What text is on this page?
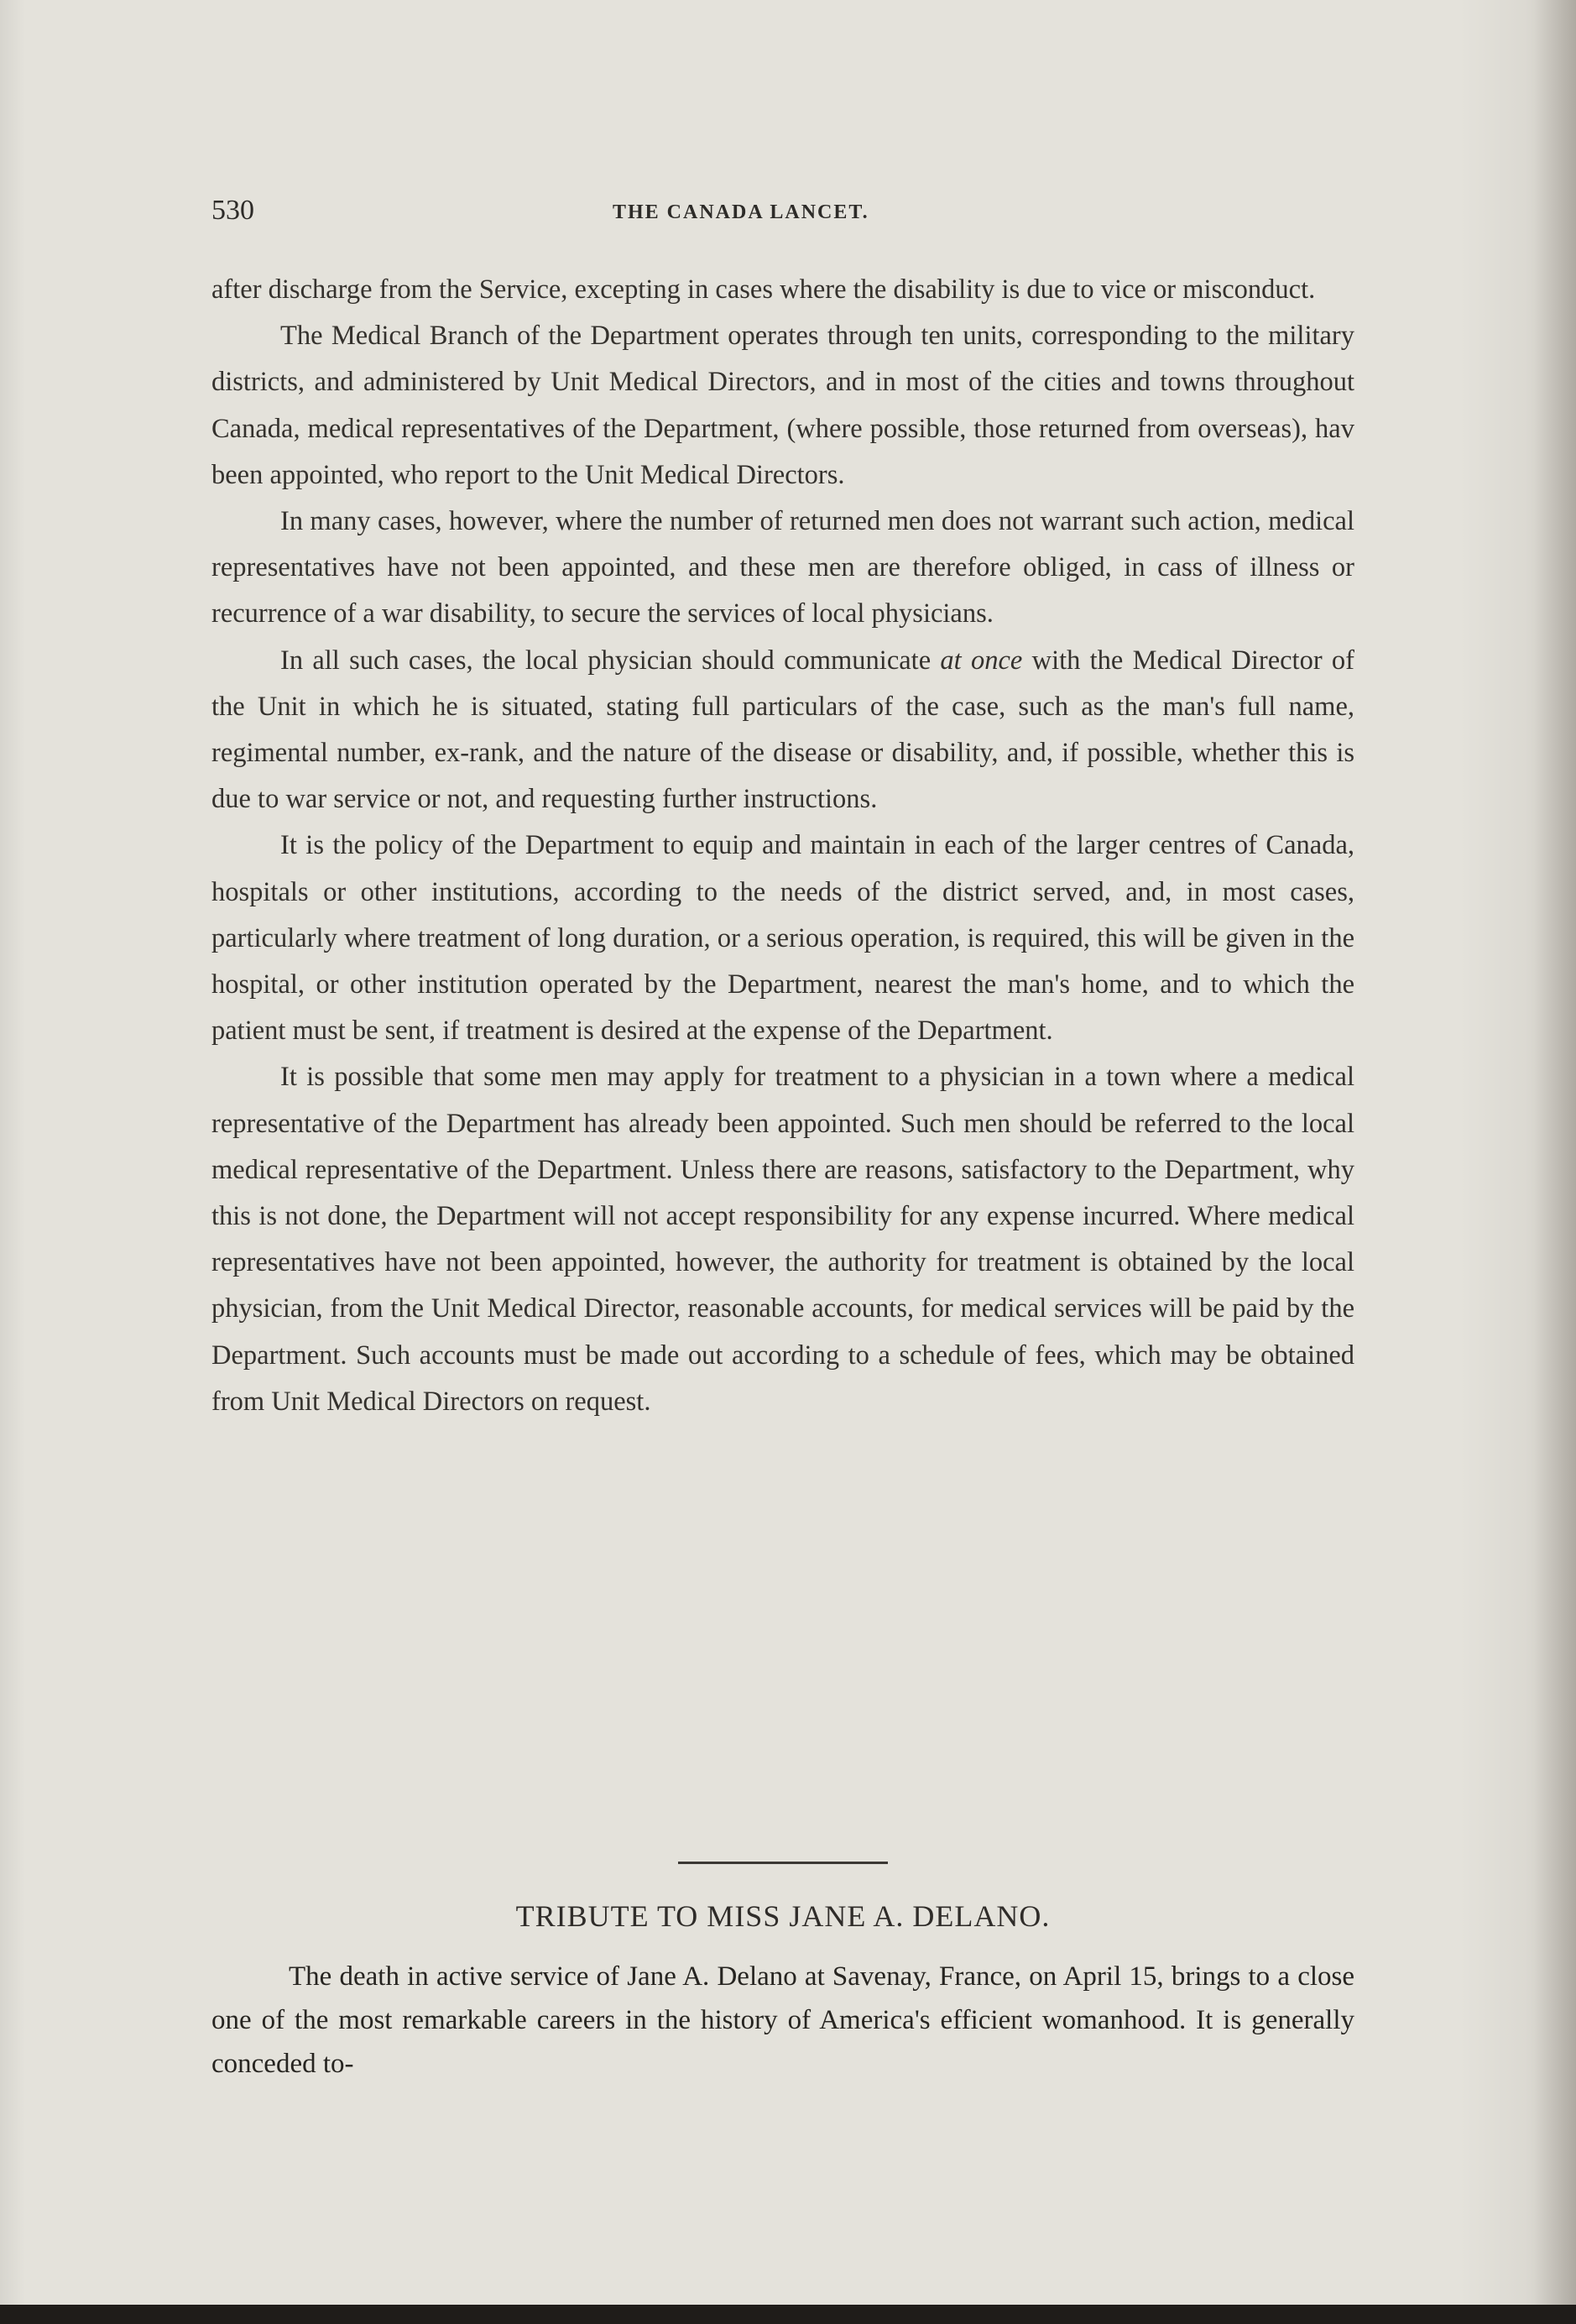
530	THE CANADA LANCET.

after discharge from the Service, excepting in cases where the disability is due to vice or misconduct.

The Medical Branch of the Department operates through ten units, corresponding to the military districts, and administered by Unit Medical Directors, and in most of the cities and towns throughout Canada, medical representatives of the Department, (where possible, those returned from overseas), hav been appointed, who report to the Unit Medical Directors.

In many cases, however, where the number of returned men does not warrant such action, medical representatives have not been appointed, and these men are therefore obliged, in cass of illness or recurrence of a war disability, to secure the services of local physicians.

In all such cases, the local physician should communicate at once with the Medical Director of the Unit in which he is situated, stating full particulars of the case, such as the man's full name, regimental number, ex-rank, and the nature of the disease or disability, and, if possible, whether this is due to war service or not, and requesting further instructions.

It is the policy of the Department to equip and maintain in each of the larger centres of Canada, hospitals or other institutions, according to the needs of the district served, and, in most cases, particularly where treatment of long duration, or a serious operation, is required, this will be given in the hospital, or other institution operated by the Department, nearest the man's home, and to which the patient must be sent, if treatment is desired at the expense of the Department.

It is possible that some men may apply for treatment to a physician in a town where a medical representative of the Department has already been appointed. Such men should be referred to the local medical representative of the Department. Unless there are reasons, satisfactory to the Department, why this is not done, the Department will not accept responsibility for any expense incurred. Where medical representatives have not been appointed, however, the authority for treatment is obtained by the local physician, from the Unit Medical Director, reasonable accounts, for medical services will be paid by the Department. Such accounts must be made out according to a schedule of fees, which may be obtained from Unit Medical Directors on request.

TRIBUTE TO MISS JANE A. DELANO.

The death in active service of Jane A. Delano at Savenay, France, on April 15, brings to a close one of the most remarkable careers in the history of America's efficient womanhood. It is generally conceded to-
